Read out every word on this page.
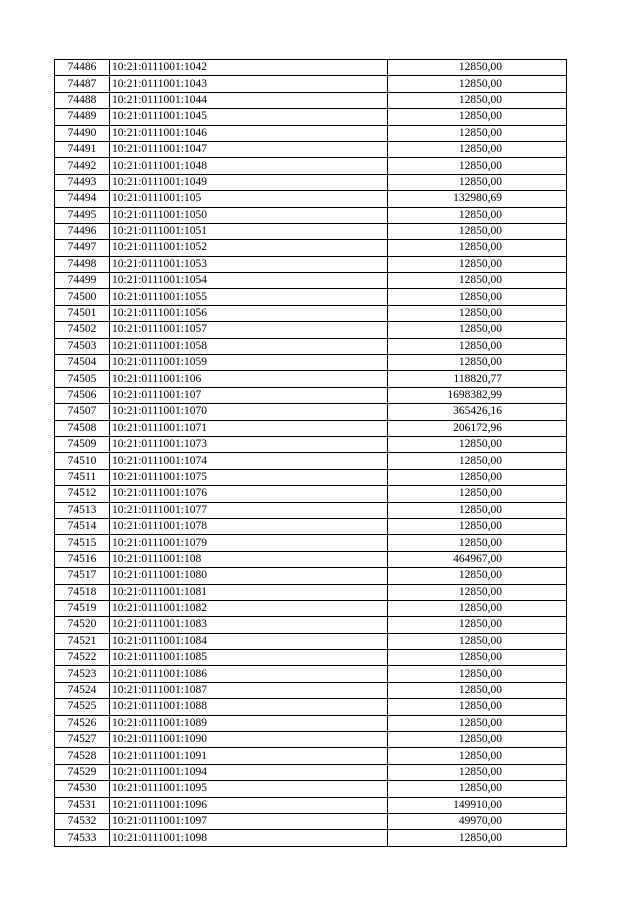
74486	10:21:0111001:1042	12850,00
74487	10:21:0111001:1043	12850,00
74488	10:21:0111001:1044	12850,00
74489	10:21:0111001:1045	12850,00
74490	10:21:0111001:1046	12850,00
74491	10:21:0111001:1047	12850,00
74492	10:21:0111001:1048	12850,00
74493	10:21:0111001:1049	12850,00
74494	10:21:0111001:105	132980,69
74495	10:21:0111001:1050	12850,00
74496	10:21:0111001:1051	12850,00
74497	10:21:0111001:1052	12850,00
74498	10:21:0111001:1053	12850,00
74499	10:21:0111001:1054	12850,00
74500	10:21:0111001:1055	12850,00
74501	10:21:0111001:1056	12850,00
74502	10:21:0111001:1057	12850,00
74503	10:21:0111001:1058	12850,00
74504	10:21:0111001:1059	12850,00
74505	10:21:0111001:106	118820,77
74506	10:21:0111001:107	1698382,99
74507	10:21:0111001:1070	365426,16
74508	10:21:0111001:1071	206172,96
74509	10:21:0111001:1073	12850,00
74510	10:21:0111001:1074	12850,00
74511	10:21:0111001:1075	12850,00
74512	10:21:0111001:1076	12850,00
74513	10:21:0111001:1077	12850,00
74514	10:21:0111001:1078	12850,00
74515	10:21:0111001:1079	12850,00
74516	10:21:0111001:108	464967,00
74517	10:21:0111001:1080	12850,00
74518	10:21:0111001:1081	12850,00
74519	10:21:0111001:1082	12850,00
74520	10:21:0111001:1083	12850,00
74521	10:21:0111001:1084	12850,00
74522	10:21:0111001:1085	12850,00
74523	10:21:0111001:1086	12850,00
74524	10:21:0111001:1087	12850,00
74525	10:21:0111001:1088	12850,00
74526	10:21:0111001:1089	12850,00
74527	10:21:0111001:1090	12850,00
74528	10:21:0111001:1091	12850,00
74529	10:21:0111001:1094	12850,00
74530	10:21:0111001:1095	12850,00
74531	10:21:0111001:1096	149910,00
74532	10:21:0111001:1097	49970,00
74533	10:21:0111001:1098	12850,00
